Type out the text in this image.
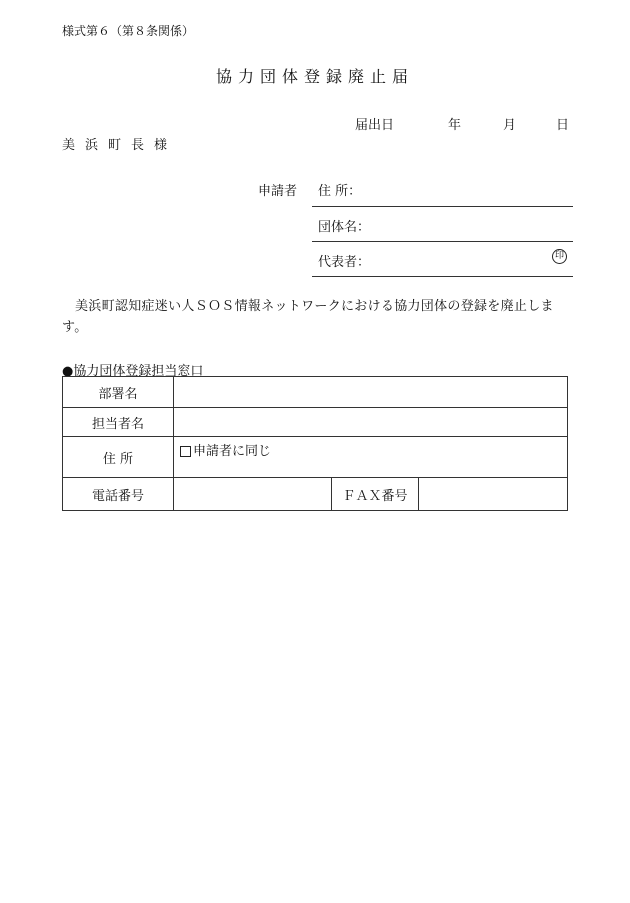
様式第６（第８条関係）
協力団体登録廃止届
届出日	年	月	日
美浜町長様
申請者 住 所：
団体名：
代表者：	印
美浜町認知症迷い人ＳＯＳ情報ネットワークにおける協力団体の登録を廃止します。
●協力団体登録担当窓口
部署名			
担当者名			
住 所	申請者に同じ		
電話番号		ＦＡＸ番号	
